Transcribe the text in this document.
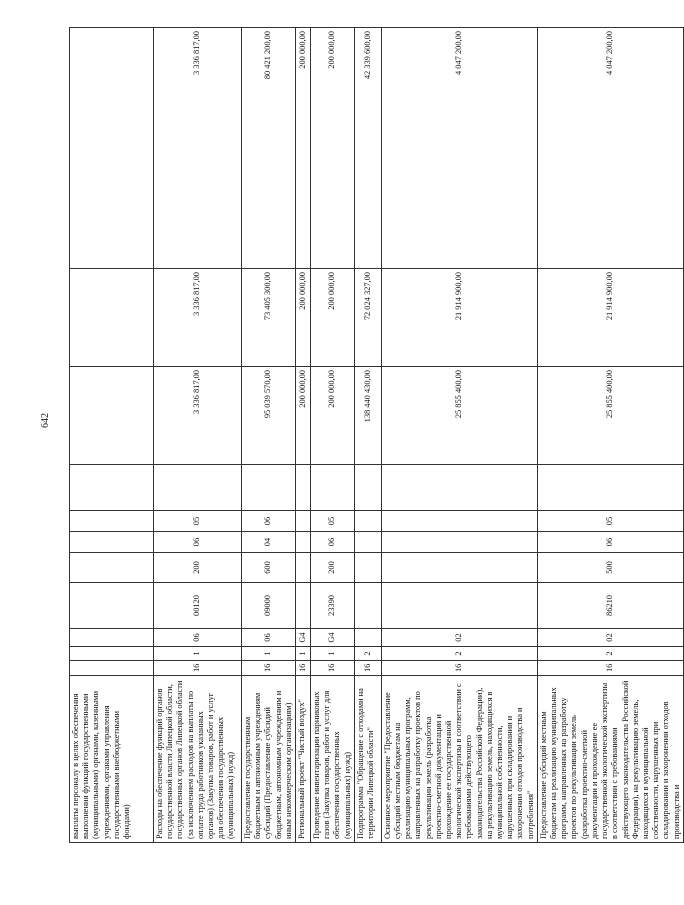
642
выплаты персоналу в целях обеспечения выполнения функций государственными (муниципальными) органами, казенными учреждениями, органами управления государственными внебюджетными фондами)											
Расходы на обеспечение функций органов государственной власти Липецкой области, государственных органов Липецкой области (за исключением расходов на выплаты по оплате труда работников указанных органов) (Закупка товаров, работ и услуг для обеспечения государственных (муниципальных) нужд)	16	1	06	00120	200	06	05		3 336 817,00	3 336 817,00	3 336 817,00
Предоставление государственным бюджетным и автономным учреждениям субсидий (Предоставление субсидий бюджетным, автономным учреждениям и иным некоммерческим организациям)	16	1	06	09000	600	04	06		95 039 570,00	73 405 300,00	80 421 200,00
Региональный проект "Чистый воздух"	16	1	G4						200 000,00	200 000,00	200 000,00
Проведение инвентаризации парниковых газов (Закупка товаров, работ и услуг для обеспечения государственных (муниципальных) нужд)	16	1	G4	23390	200	06	05		200 000,00	200 000,00	200 000,00
Подпрограмма "Обращение с отходами на территории Липецкой области"	16	2							138 440 430,00	72 024 327,00	42 339 600,00
Основное мероприятие "Предоставление субсидий местным бюджетам на реализацию муниципальных программ, направленных на разработку проектов по рекультивации земель (разработка проектно-сметной документации и прохождение ее государственной экологической экспертизы в соответствии с требованиями действующего законодательства Российской Федерации), на рекультивацию земель, находящихся в муниципальной собственности, нарушенных при складировании и захоронении отходов производства и потребления"	16	2	02						25 855 400,00	21 914 900,00	4 047 200,00
Предоставление субсидий местным бюджетам на реализацию муниципальных программ, направленных на разработку проектов по рекультивации земель (разработка проектно-сметной документации и прохождение ее государственной экологической экспертизы в соответствии с требованиями действующего законодательства Российской Федерации), на рекультивацию земель, находящихся в муниципальной собственности, нарушенных при складировании и захоронении отходов производства и	16	2	02	86210	500	06	05		25 855 400,00	21 914 900,00	4 047 200,00
